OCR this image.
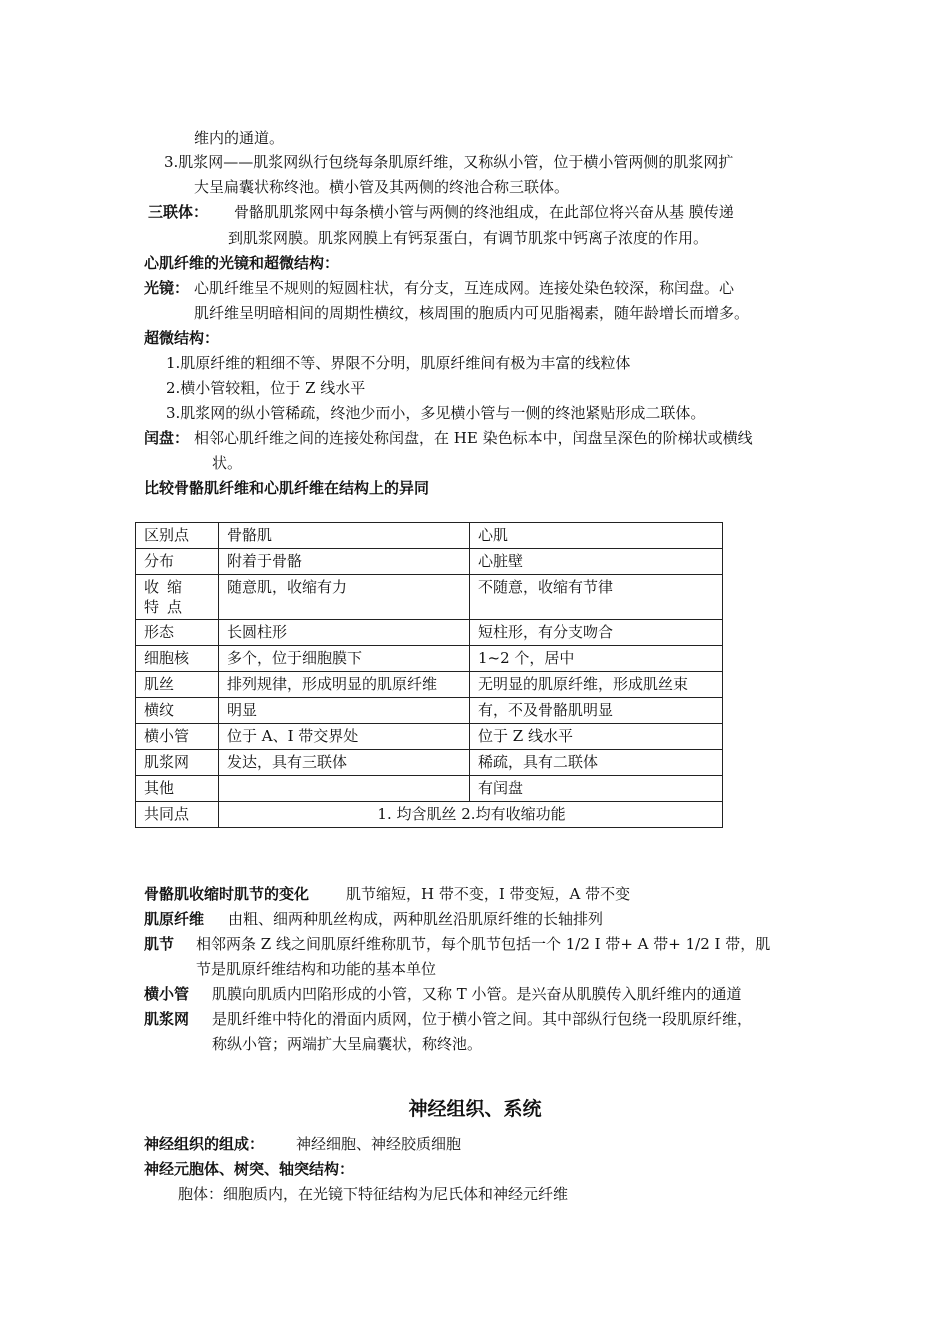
维内的通道。
3.肌浆网——肌浆网纵行包绕每条肌原纤维，又称纵小管，位于横小管两侧的肌浆网扩
大呈扁囊状称终池。横小管及其两侧的终池合称三联体。
三联体： 骨骼肌肌浆网中每条横小管与两侧的终池组成，在此部位将兴奋从基 膜传递
到肌浆网膜。肌浆网膜上有钙泵蛋白，有调节肌浆中钙离子浓度的作用。
心肌纤维的光镜和超微结构：
光镜： 心肌纤维呈不规则的短圆柱状，有分支，互连成网。连接处染色较深，称闰盘。心
肌纤维呈明暗相间的周期性横纹，核周围的胞质内可见脂褐素，随年龄增长而增多。
超微结构：
1.肌原纤维的粗细不等、界限不分明，肌原纤维间有极为丰富的线粒体
2.横小管较粗，位于 Z 线水平
3.肌浆网的纵小管稀疏，终池少而小，多见横小管与一侧的终池紧贴形成二联体。
闰盘： 相邻心肌纤维之间的连接处称闰盘，在 HE 染色标本中，闰盘呈深色的阶梯状或横线
状。
比较骨骼肌纤维和心肌纤维在结构上的异同
区别点	骨骼肌	心肌
分布	附着于骨骼	心脏壁
收缩特点	随意肌，收缩有力	不随意，收缩有节律
形态	长圆柱形	短柱形，有分支吻合
细胞核	多个，位于细胞膜下	1~2 个，居中
肌丝	排列规律，形成明显的肌原纤维	无明显的肌原纤维，形成肌丝束
横纹	明显	有，不及骨骼肌明显
横小管	位于 A、I 带交界处	位于 Z 线水平
肌浆网	发达，具有三联体	稀疏，具有二联体
其他		有闰盘
共同点	1. 均含肌丝 2.均有收缩功能	
骨骼肌收缩时肌节的变化 肌节缩短，H 带不变，I 带变短，A 带不变
肌原纤维 由粗、细两种肌丝构成，两种肌丝沿肌原纤维的长轴排列
肌节 相邻两条 Z 线之间肌原纤维称肌节，每个肌节包括一个 1/2 I 带+ A 带+ 1/2 I 带，肌
节是肌原纤维结构和功能的基本单位
横小管 肌膜向肌质内凹陷形成的小管，又称 T 小管。是兴奋从肌膜传入肌纤维内的通道
肌浆网 是肌纤维中特化的滑面内质网，位于横小管之间。其中部纵行包绕一段肌原纤维，
称纵小管；两端扩大呈扁囊状，称终池。
神经组织、系统
神经组织的组成： 神经细胞、神经胶质细胞
神经元胞体、树突、轴突结构：
胞体：细胞质内，在光镜下特征结构为尼氏体和神经元纤维
